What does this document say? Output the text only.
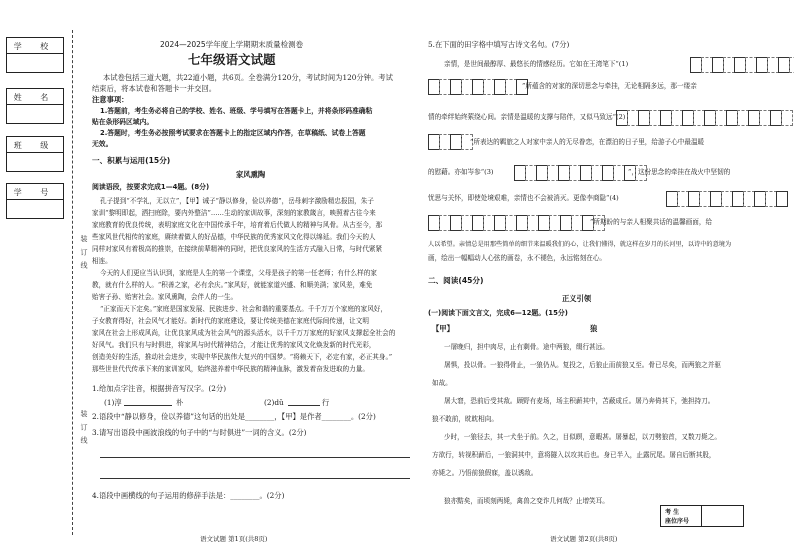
学 校
姓 名
班 级
学 号
装 订 线
装 订 线
2024—2025学年度上学期期末质量检测卷
七年级语文试题
本试卷包括三道大题，共22道小题，共6页。全卷满分120分，考试时间为120分钟。考试
结束后，将本试卷和答题卡一并交回。
注意事项：
1.答题前，考生务必将自己的学校、姓名、班级、学号填写在答题卡上，并将条形码准确粘
贴在条形码区域内。
2.答题时，考生务必按照考试要求在答题卡上的指定区域内作答，在草稿纸、试卷上答题
无效。
一、积累与运用(15分)
家风熏陶
阅读语段，按要求完成1—4题。(8分)
孔子提到“不学礼，无以立”，【甲】诫子“静以修身，俭以养德”，岳母刺字激励精忠报国，朱子
家训“黎明即起，洒扫庭除，要内外整洁”……生动的家训故事，深刻的家教箴言，映照着古往今来
家庭教育的优良传统，表明家庭文化在中国传承千年，培育着后代做人的精神与风骨。从古至今，那
些家风世代相传的家庭，赓续着做人的好品德，中华民族的优秀家风文化得以绵延。我们今天的人
同样对家风有着极高的推崇，在接续前辈精神的同时，把优良家风的生活方式融入日常，与时代紧紧
相连。
今天的人们更应当认识到，家庭是人生的第一个课堂，父母是孩子的第一任老师；有什么样的家
教，就有什么样的人。“积善之家，必有余庆。”家风好，就能家道兴盛、和顺美满；家风差，难免
贻害子孙、贻害社会。家风熏陶，会伴人的一生。
“正家而天下定矣。”家庭是国家发展、民族进步、社会和谐的重要基点。千千万万个家庭的家风好，
子女教育得好，社会风气才能好。新时代的家庭建设，要让传统美德在家庭代际间传递，让文明
家风在社会上形成风尚，让优良家风成为社会风气的源头活水，以千千万万家庭的好家风支撑起全社会的
好风气。我们只有与时俱进，将家风与时代精神结合，才能让优秀的家风文化焕发新的时代光彩，
创造美好的生活，推动社会进步，实现中华民族伟大复兴的中国梦。“将赖天下，必定有家，必正其身。”
那些世世代代传承下来的家训家风，始终滋养着中华民族的精神血脉，激发着奋发进取的力量。
1.给加点字注音，根据拼音写汉字。(2分)
(1)淳	朴	(2)dǔ	行
2.语段中“静以修身，俭以养德”这句话的出处是________，【甲】是作者________。(2分)
3.请写出语段中画波浪线的句子中的“与时俱进”一词的含义。(2分)
4.语段中画横线的句子运用的修辞手法是：________。(2分)
语文试题 第1页(共8页)
5.在下面的田字格中填写古诗文名句。(7分)
亲情，是世间最醇厚、最悠长的情感经历。它如在王湾笔下“(1)
”所蕴含的对家的深切思念与牵挂，无论相隔多远，那一缕亲
情的牵绊始终萦绕心间。亲情是温暖的支撑与陪伴，又似马致远“(2)
”所表达的羁旅之人对家中亲人的无尽眷恋，在漂泊的日子里，给游子心中最温暖
的慰藉。亦如岑参“(3)	”，这份思念的牵挂在战火中坚韧的
忧思与关怀，即使处境艰难，亲情也不会被消灭。更像李商隐“(4)
”所期盼的与亲人相聚共话的温馨画面，给
人以希望。亲情总是用那些简单的细节来温暖我们的心，让我们懂得，就这样在岁月的长河里，以诗中的意境为
画，绘出一幅幅动人心弦的画卷，永不褪色，永远铭刻在心。
二、阅读(45分)
正义引领
(一)阅读下面文言文，完成6—12题。(15分)
【甲】	狼
一屠晚归，担中肉尽，止有剩骨。途中两狼，缀行甚远。
屠惧，投以骨。一狼得骨止，一狼仍从。复投之，后狼止而前狼又至。骨已尽矣，而两狼之并驱
如故。
屠大窘，恐前后受其敌。顾野有麦场，场主积薪其中，苫蔽成丘。屠乃奔倚其下，弛担持刀。
狼不敢前，眈眈相向。
少时，一狼径去，其一犬坐于前。久之，目似瞑，意暇甚。屠暴起，以刀劈狼首，又数刀毙之。
方欲行，转视积薪后，一狼洞其中，意将隧入以攻其后也。身已半入，止露尻尾。屠自后断其股，
亦毙之。乃悟前狼假寐，盖以诱敌。
狼亦黠矣，而顷刻两毙，禽兽之变诈几何哉？止增笑耳。
考 生
座位序号
语文试题 第2页(共8页)
